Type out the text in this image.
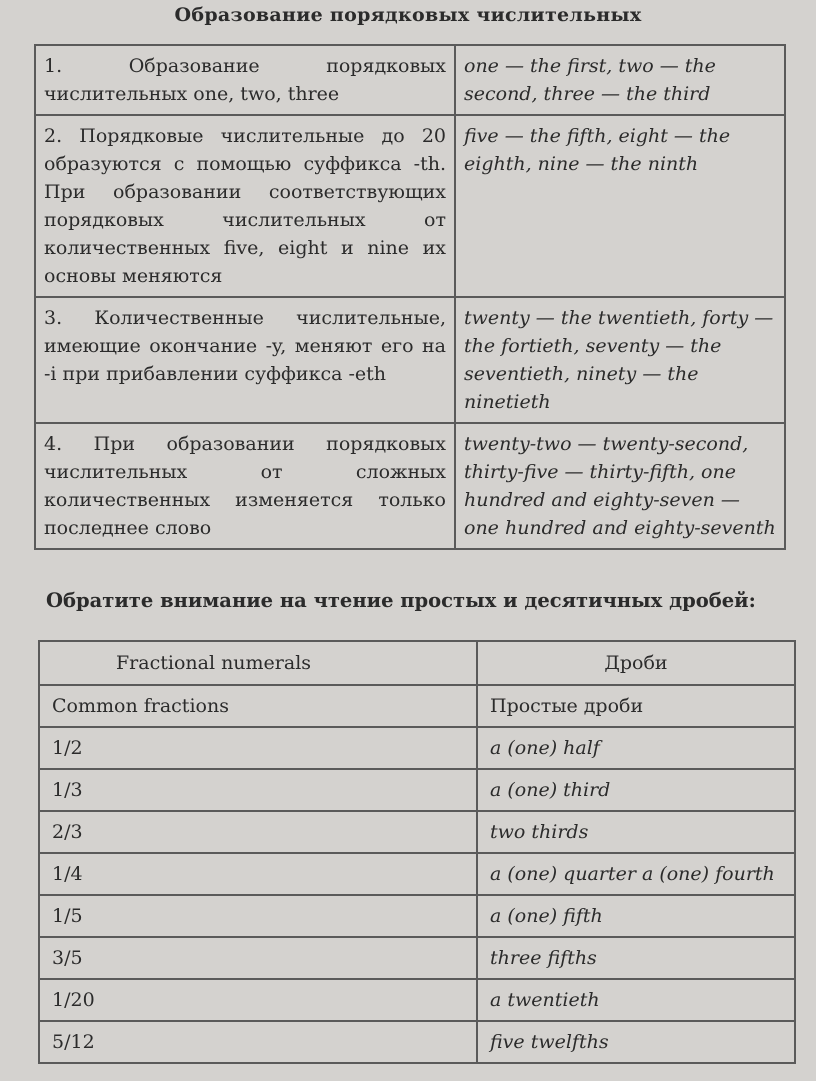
Образование порядковых числительных
1. Образование порядковых числительных one, two, three	one — the first, two — the second, three — the third
2. Порядковые числительные до 20 образуются с помощью суффикса -th. При образовании соответствующих порядковых числительных от количественных five, eight и nine их основы меняются	five — the fifth, eight — the eighth, nine — the ninth
3. Количественные числительные, имеющие окончание -y, меняют его на -i при прибавлении суффикса -eth	twenty — the twentieth, forty — the fortieth, seventy — the seventieth, ninety — the ninetieth
4. При образовании порядковых числительных от сложных количественных изменяется только последнее слово	twenty-two — twenty-second, thirty-five — thirty-fifth, one hundred and eighty-seven — one hundred and eighty-seventh
Обратите внимание на чтение простых и десятичных дробей:
Fractional numerals	Дроби
Common fractions	Простые дроби
1/2	a (one) half
1/3	a (one) third
2/3	two thirds
1/4	a (one) quarter a (one) fourth
1/5	a (one) fifth
3/5	three fifths
1/20	a twentieth
5/12	five twelfths
